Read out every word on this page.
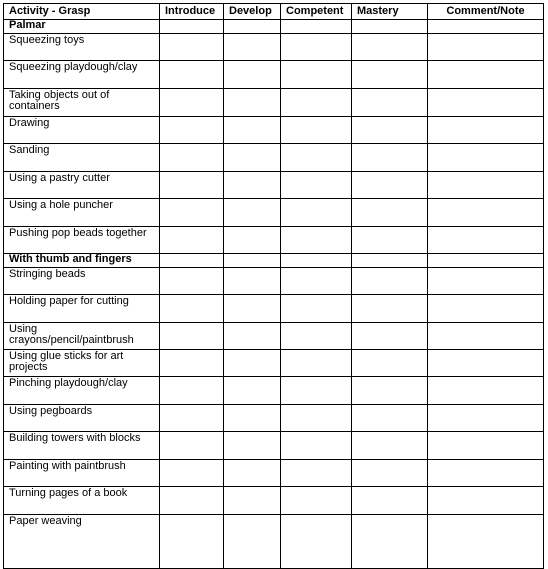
Activity - Grasp	Introduce	Develop	Competent	Mastery	Comment/Note
Palmar					
Squeezing toys					
Squeezing playdough/clay					
Taking objects out of containers					
Drawing					
Sanding					
Using a pastry cutter					
Using a hole puncher					
Pushing pop beads together					
With thumb and fingers					
Stringing beads					
Holding paper for cutting					
Using crayons/pencil/paintbrush					
Using glue sticks for art projects					
Pinching playdough/clay					
Using pegboards					
Building towers with blocks					
Painting with paintbrush					
Turning pages of a book					
Paper weaving					
